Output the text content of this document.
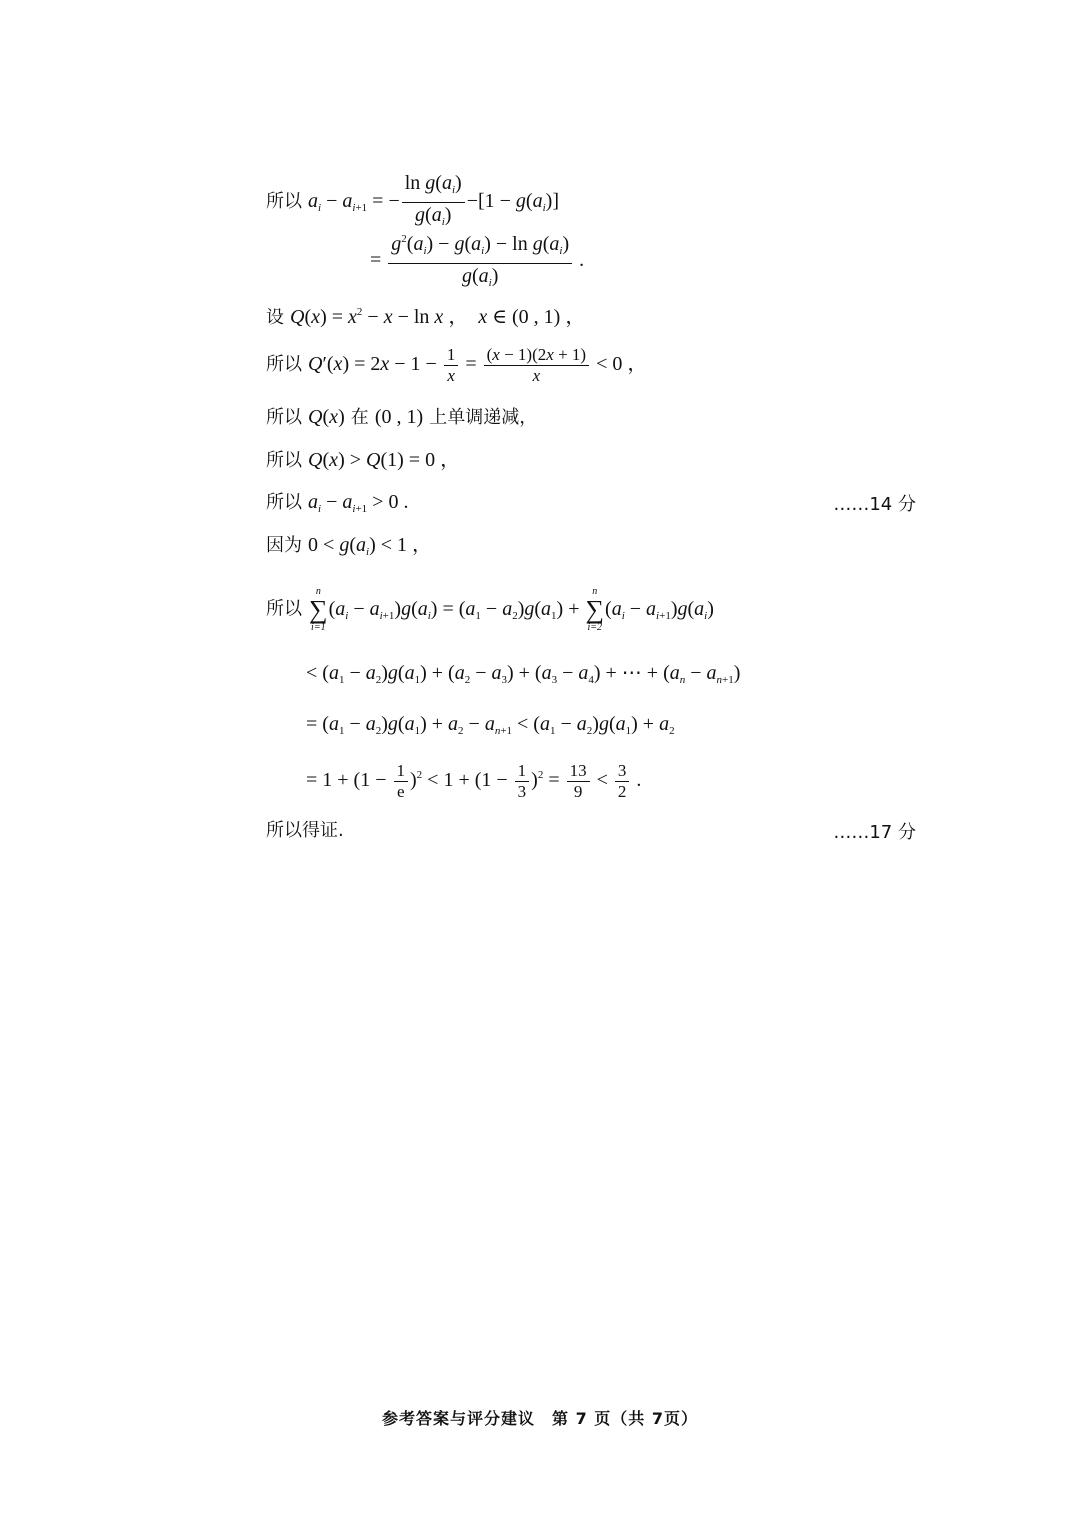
所以 $a_i - a_{i+1}$ = − $\frac{\ln g(a_i)}{g(a_i)} -[1 - g(a_i)]$
= $\frac{g^2(a_i) - g(a_i) - \ln g(a_i)}{g(a_i)}$ .
设 $Q(x) = x^2 - x - \ln x$ ，  x ∈ (0 , 1) ，
所以 $Q'(x) = 2x - 1 - \frac{1}{x} = \frac{(x - 1)(2x + 1)}{x} < 0$ ，
所以 Q(x) 在 (0 , 1) 上单调递减，
所以 Q(x) > Q(1) = 0 ，
所以 $a_i - a_{i+1} > 0$ .	……14 分
因为 $0 < g(a_i) < 1$ ，
所以
n
∑
i=1
$(a_i - a_{i+1})g(a_i) = (a_1 - a_2)g(a_1)$ +
n
∑
i=2
$(a_i - a_{i+1})g(a_i)$
< $(a_1 - a_2)g(a_1) + (a_2 - a_3) + (a_3 - a_4)$ + ⋯ + $(a_n - a_{n+1})$
= $(a_1 - a_2)g(a_1) + a_2 - a_{n+1} < (a_1 - a_2)g(a_1) + a_2$
= $1 + (1 - \frac{1}{e} )^2 < 1 + (1 - \frac{1}{3} )^2 = \frac{13}{9} < \frac{3}{2}$ .
所以得证.	……17 分
参考答案与评分建议　第 7 页（共 7页）
